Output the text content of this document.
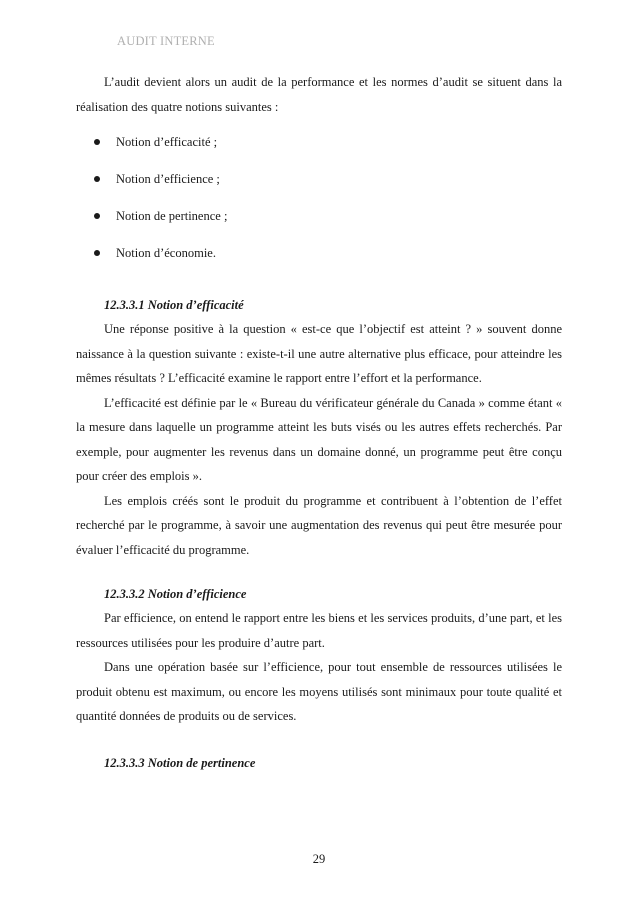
AUDIT INTERNE

L’audit devient alors un audit de la performance et les normes d’audit se situent dans la réalisation des quatre notions suivantes :

Notion d’efficacité ;
Notion d’efficience ;
Notion de pertinence ;
Notion d’économie.

12.3.3.1 Notion d’efficacité

Une réponse positive à la question « est-ce que l’objectif est atteint ? » souvent donne naissance à la question suivante : existe-t-il une autre alternative plus efficace, pour atteindre les mêmes résultats ? L’efficacité examine le rapport entre l’effort et la performance.

L’efficacité est définie par le « Bureau du vérificateur générale du Canada » comme étant « la mesure dans laquelle un programme atteint les buts visés ou les autres effets recherchés. Par exemple, pour augmenter les revenus dans un domaine donné, un programme peut être conçu pour créer des emplois ».

Les emplois créés sont le produit du programme et contribuent à l’obtention de l’effet recherché par le programme, à savoir une augmentation des revenus qui peut être mesurée pour évaluer l’efficacité du programme.

12.3.3.2 Notion d’efficience

Par efficience, on entend le rapport entre les biens et les services produits, d’une part, et les ressources utilisées pour les produire d’autre part.

Dans une opération basée sur l’efficience, pour tout ensemble de ressources utilisées le produit obtenu est maximum, ou encore les moyens utilisés sont minimaux pour toute qualité et quantité données de produits ou de services.

12.3.3.3 Notion de pertinence

29
